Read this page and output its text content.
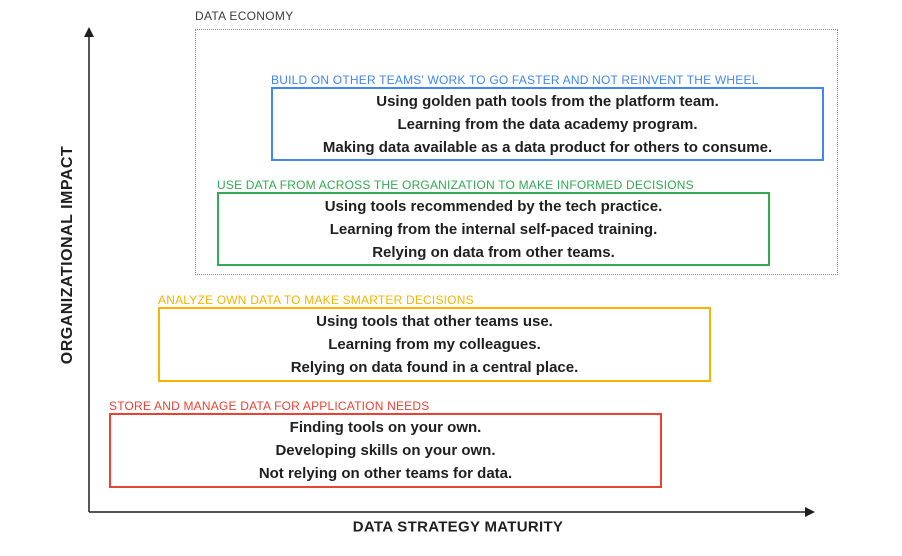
ORGANIZATIONAL IMPACT
DATA STRATEGY MATURITY
DATA ECONOMY
BUILD ON OTHER TEAMS' WORK TO GO FASTER AND NOT REINVENT THE WHEEL
Using golden path tools from the platform team.
Learning from the data academy program.
Making data available as a data product for others to consume.
USE DATA FROM ACROSS THE ORGANIZATION TO MAKE INFORMED DECISIONS
Using tools recommended by the tech practice.
Learning from the internal self-paced training.
Relying on data from other teams.
ANALYZE OWN DATA TO MAKE SMARTER DECISIONS
Using tools that other teams use.
Learning from my colleagues.
Relying on data found in a central place.
STORE AND MANAGE DATA FOR APPLICATION NEEDS
Finding tools on your own.
Developing skills on your own.
Not relying on other teams for data.
